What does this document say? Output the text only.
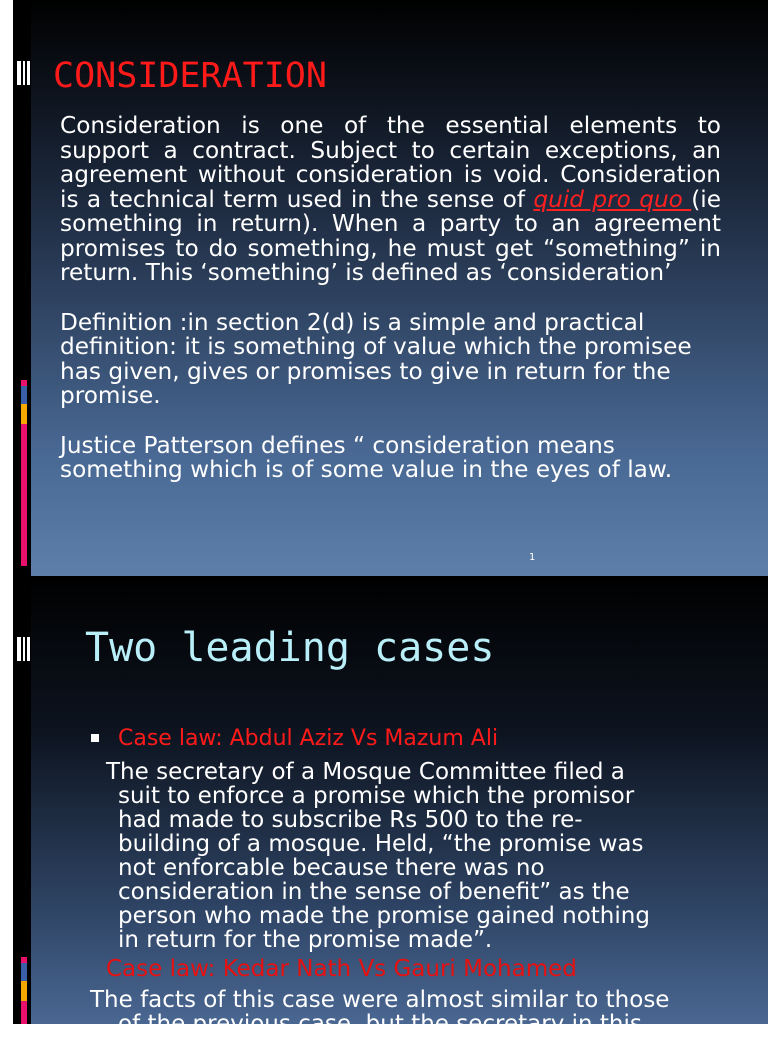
CONSIDERATION

Consideration is one of the essential elements to support a contract. Subject to certain exceptions, an agreement without consideration is void. Consideration is a technical term used in the sense of quid pro quo (ie something in return). When a party to an agreement promises to do something, he must get “something” in return. This ‘something’ is defined as ‘consideration’

Definition :in section 2(d) is a simple and practical definition: it is something of value which the promisee has given, gives or promises to give in return for the promise.

Justice Patterson defines “ consideration means something which is of some value in the eyes of law.

1
Two leading cases
Case law: Abdul Aziz Vs Mazum Ali
The secretary of a Mosque Committee filed a
suit to enforce a promise which the promisor
had made to subscribe Rs 500 to the re-
building of a mosque. Held, “the promise was
not enforcable because there was no
consideration in the sense of benefit” as the
person who made the promise gained nothing
in return for the promise made”.
Case law: Kedar Nath Vs Gauri Mohamed
The facts of this case were almost similar to those
of the previous case, but the secretary in this
